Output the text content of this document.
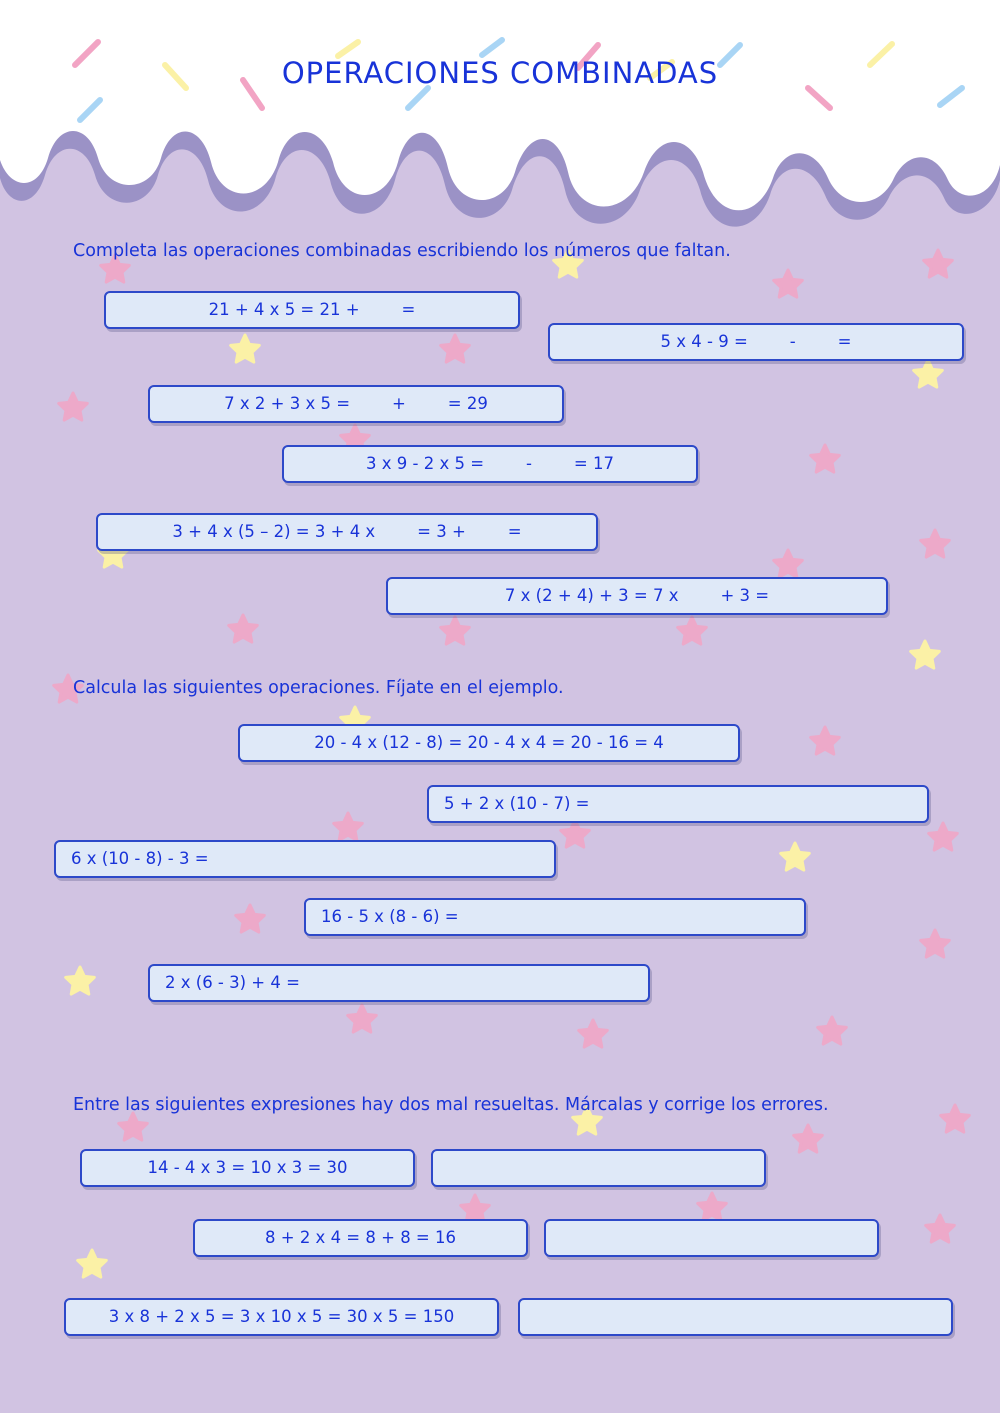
OPERACIONES COMBINADAS
Completa las operaciones combinadas escribiendo los números que faltan.
21 + 4 x 5 = 21 +        =
5 x 4 - 9 =        -        =
7 x 2 + 3 x 5 =        +        = 29
3 x 9 - 2 x 5 =        -        = 17
3 + 4 x (5 – 2) = 3 + 4 x        = 3 +        =
7 x (2 + 4) + 3 = 7 x        + 3 =
Calcula las siguientes operaciones. Fíjate en el ejemplo.
20 - 4 x (12 - 8) = 20 - 4 x 4 = 20 - 16 = 4
5 + 2 x (10 - 7) =
6 x (10 - 8) - 3 =
16 - 5 x (8 - 6) =
2 x (6 - 3) + 4 =
Entre las siguientes expresiones hay dos mal resueltas. Márcalas y corrige los errores.
14 - 4 x 3 = 10 x 3 = 30
8 + 2 x 4 = 8 + 8 = 16
3 x 8 + 2 x 5 = 3 x 10 x 5 = 30 x 5 = 150
